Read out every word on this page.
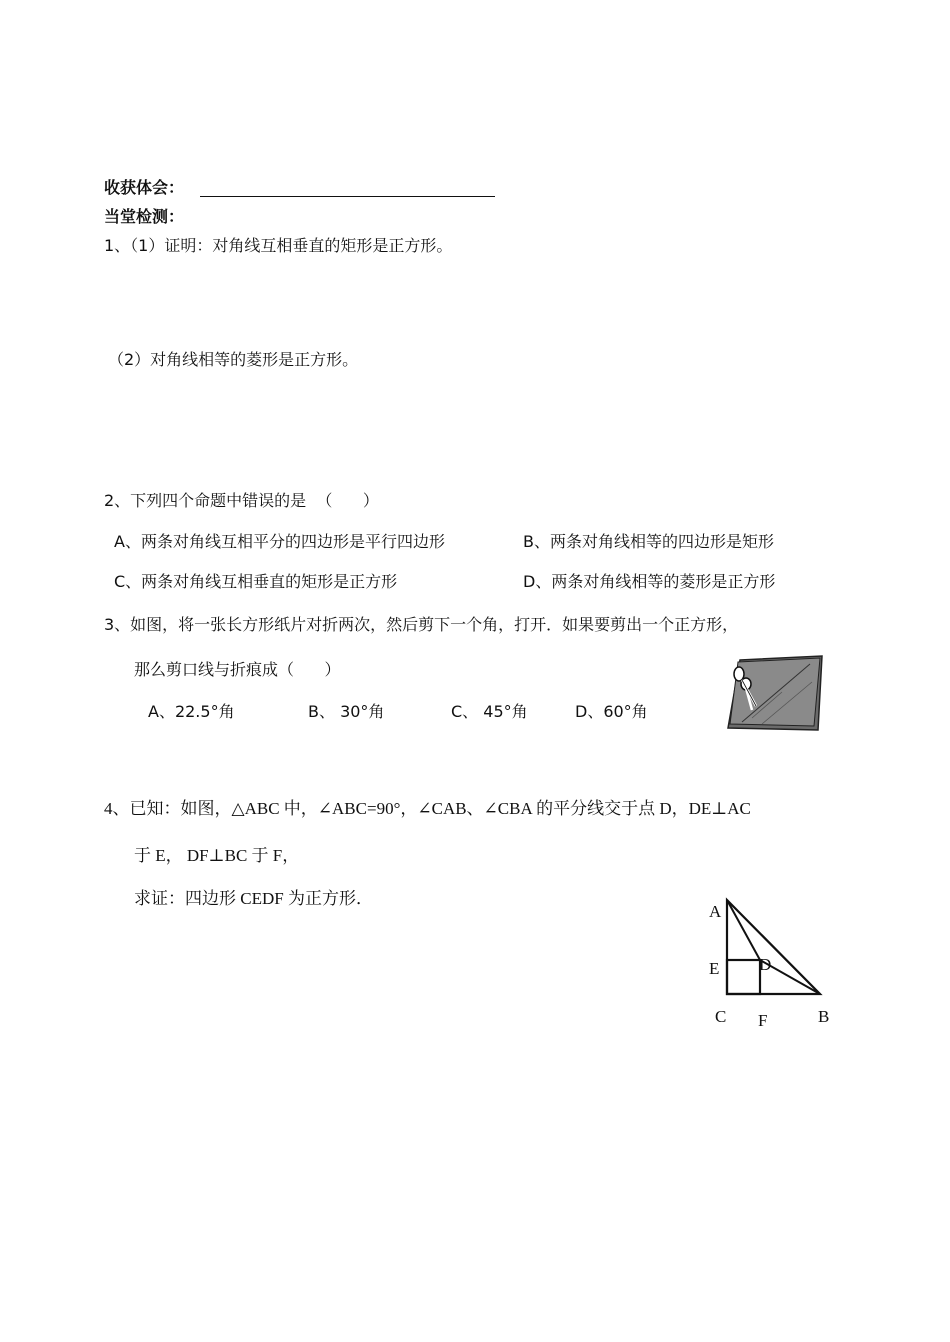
收获体会：
当堂检测：
1、（1）证明：对角线互相垂直的矩形是正方形。
（2）对角线相等的菱形是正方形。
2、下列四个命题中错误的是  （      ）
A、两条对角线互相平分的四边形是平行四边形	B、两条对角线相等的四边形是矩形
C、两条对角线互相垂直的矩形是正方形	D、两条对角线相等的菱形是正方形
3、如图，将一张长方形纸片对折两次，然后剪下一个角，打开．如果要剪出一个正方形，
那么剪口线与折痕成（      ）
A、22.5°角	B、 30°角	C、 45°角	D、60°角
4、已知：如图，△ABC 中，∠ABC=90°，∠CAB、∠CBA 的平分线交于点 D，DE⊥AC
于 E， DF⊥BC 于 F，
求证：四边形 CEDF 为正方形．
A
E D
C F	B
